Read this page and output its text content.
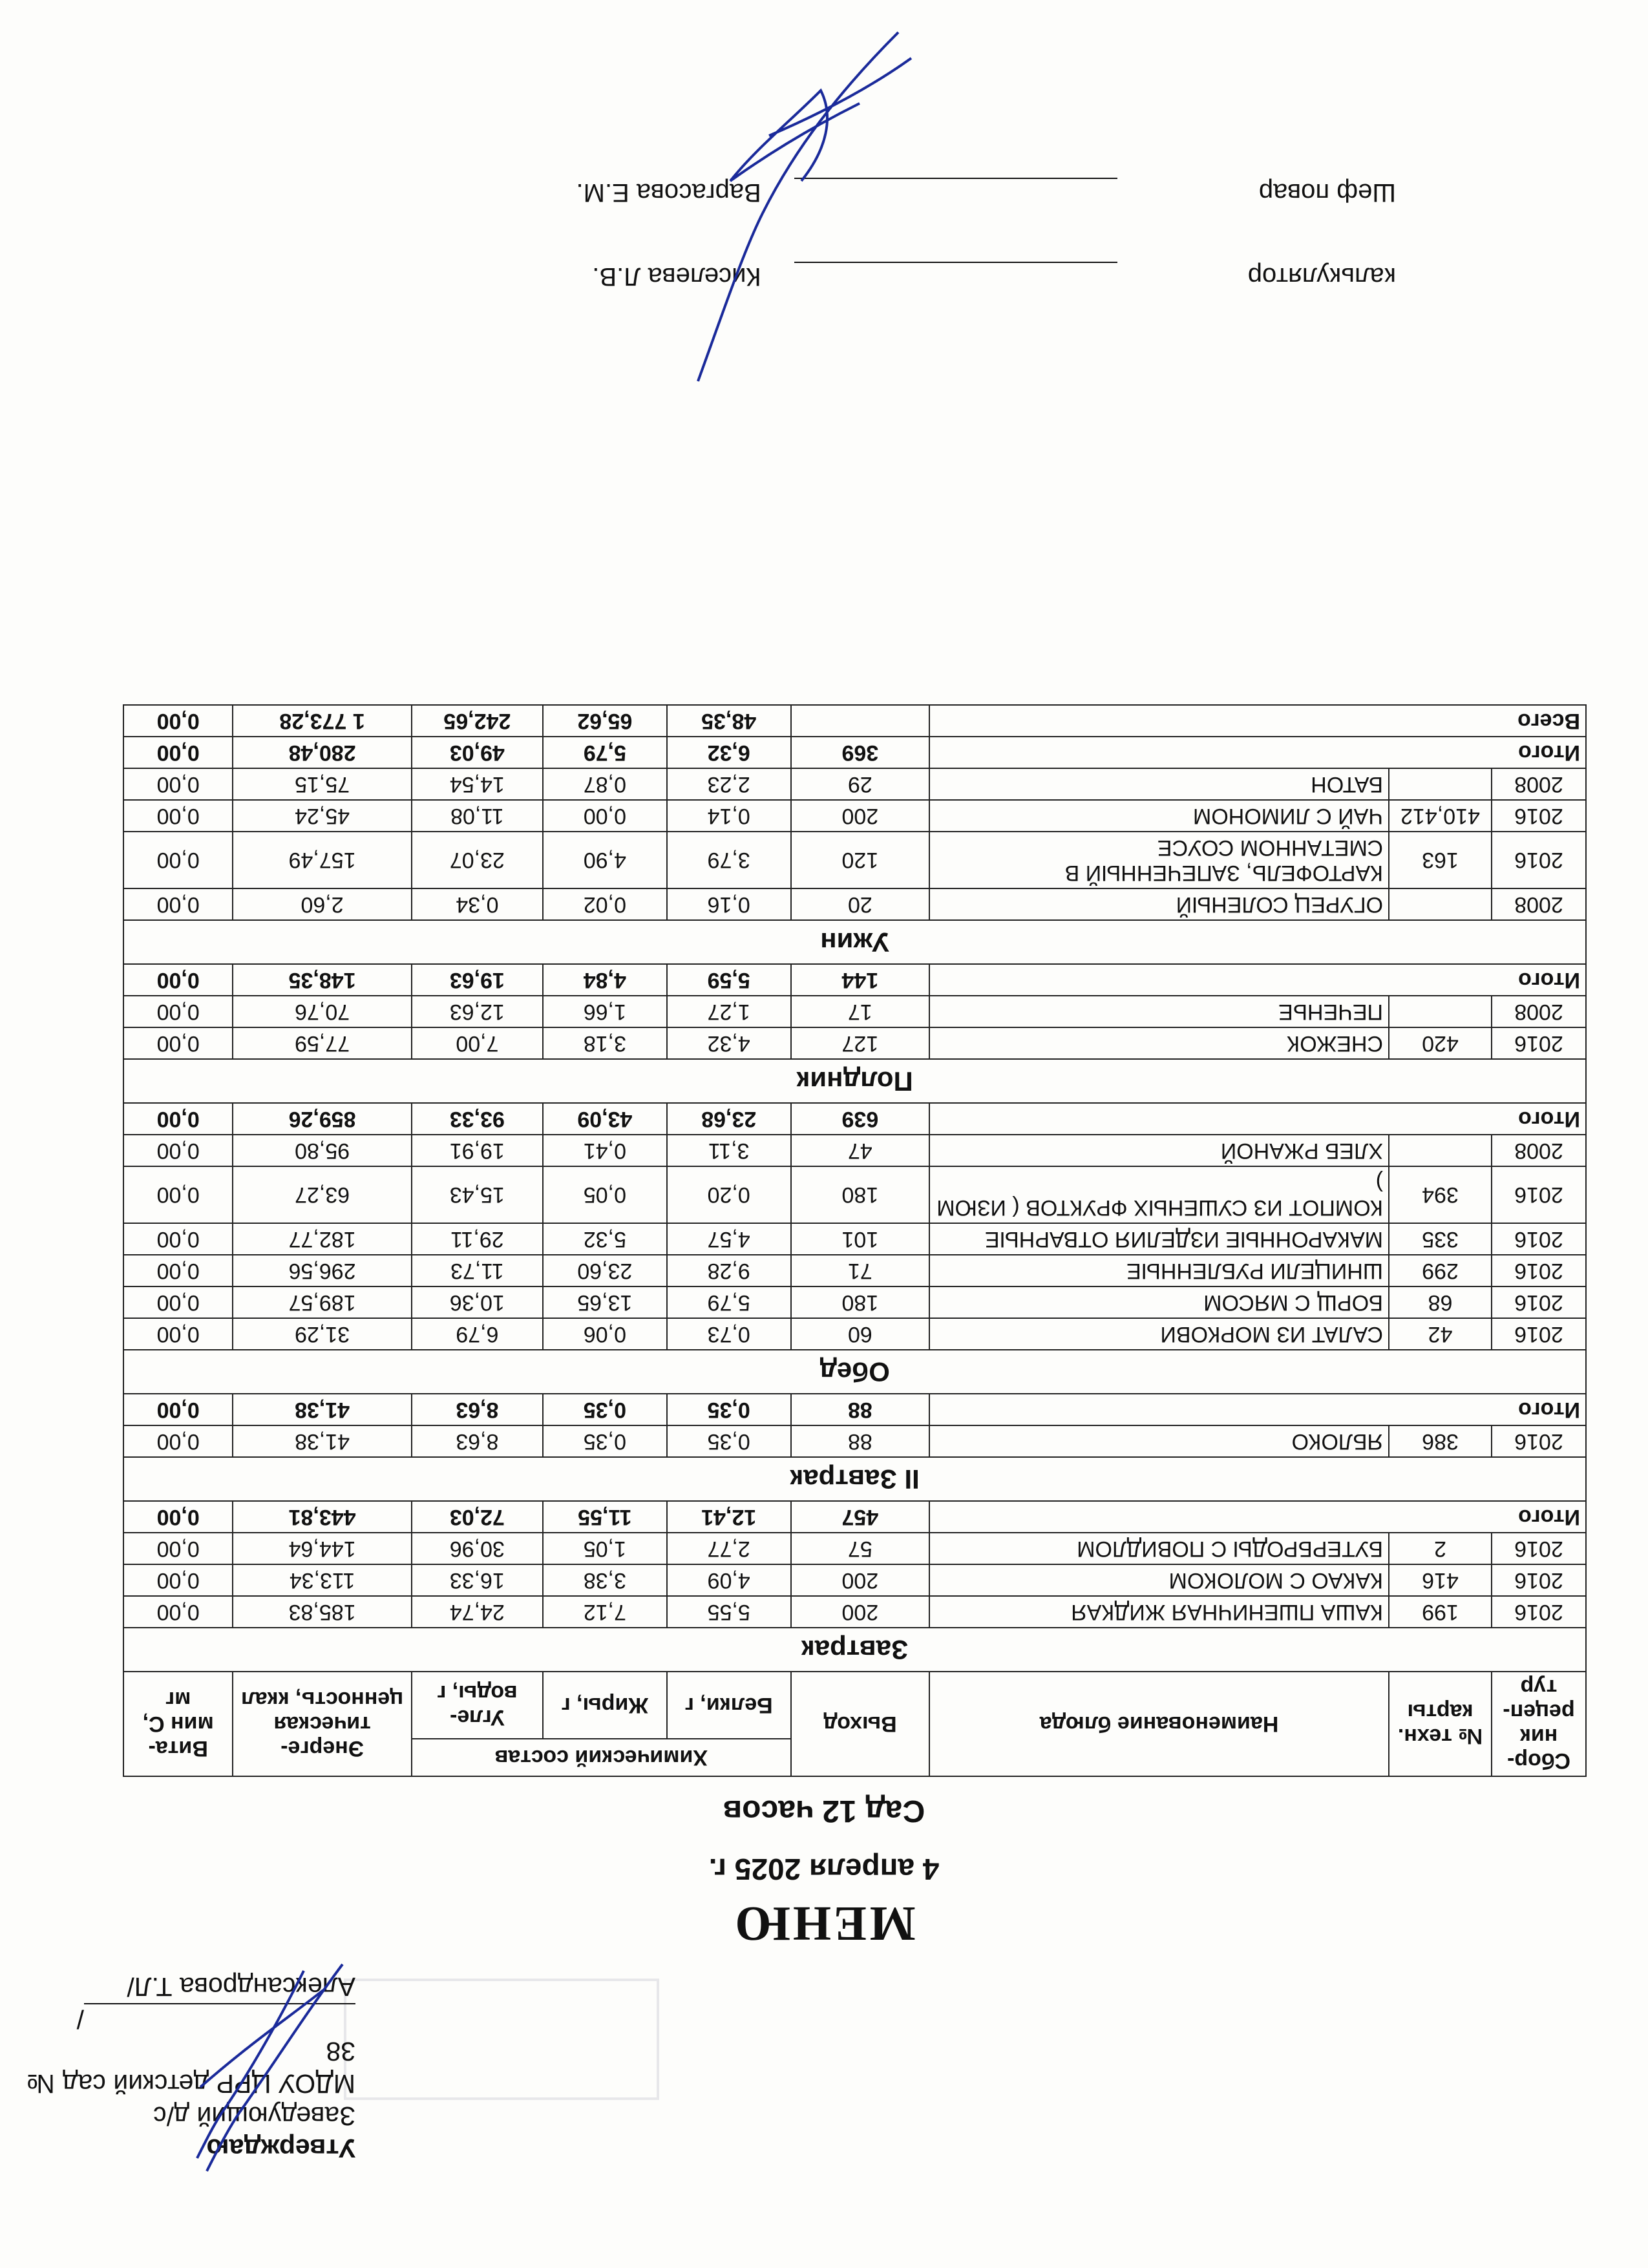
Утверждаю
Заведующий д/с
МДОУ ЦРР детский сад № 38
/Александрова Т.Л/
МЕНЮ
4 апреля 2025 г.
Сад 12 часов
Сбор-ник рецеп-тур	№ техн. карты	Наименование блюда	Выход	Химический состав			Энерге-тическая ценность, ккал	Вита-мин С, мг
				Белки, г	Жиры, г	Угле-воды, г		
Завтрак								
2016	199	КАША ПШЕНИЧНАЯ ЖИДКАЯ	200	5,55	7,12	24,74	185,83	0,00
2016	416	КАКАО С МОЛОКОМ	200	4,09	3,38	16,33	113,34	0,00
2016	2	БУТЕРБРОДЫ С ПОВИДЛОМ	57	2,77	1,05	30,96	144,64	0,00
Итого			457	12,41	11,55	72,03	443,81	0,00
II Завтрак								
2016	386	ЯБЛОКО	88	0,35	0,35	8,63	41,38	0,00
Итого			88	0,35	0,35	8,63	41,38	0,00
Обед								
2016	42	САЛАТ ИЗ МОРКОВИ	60	0,73	0,06	6,79	31,29	0,00
2016	68	БОРЩ С МЯСОМ	180	5,79	13,65	10,36	189,57	0,00
2016	299	ШНИЦЕЛИ РУБЛЕННЫЕ	71	9,28	23,60	11,73	296,56	0,00
2016	335	МАКАРОННЫЕ ИЗДЕЛИЯ ОТВАРНЫЕ	101	4,57	5,32	29,11	182,77	0,00
2016	394	КОМПОТ ИЗ СУШЕНЫХ ФРУКТОВ ( ИЗЮМ )	180	0,20	0,05	15,43	63,27	0,00
2008		ХЛЕБ РЖАНОЙ	47	3,11	0,41	19,91	95,80	0,00
Итого			639	23,68	43,09	93,33	859,26	0,00
Полдник								
2016	420	СНЕЖОК	127	4,32	3,18	7,00	77,59	0,00
2008		ПЕЧЕНЬЕ	17	1,27	1,66	12,63	70,76	0,00
Итого			144	5,59	4,84	19,63	148,35	0,00
Ужин								
2008		ОГУРЕЦ СОЛЕНЫЙ	20	0,16	0,02	0,34	2,60	0,00
2016	163	КАРТОФЕЛЬ, ЗАПЕЧЕННЫЙ В СМЕТАННОМ СОУСЕ	120	3,79	4,90	23,07	157,49	0,00
2016	410,412	ЧАЙ С ЛИМОНОМ	200	0,14	0,00	11,08	45,24	0,00
2008		БАТОН	29	2,23	0,87	14,54	75,15	0,00
Итого			369	6,32	5,79	49,03	280,48	0,00
Всего				48,35	65,62	242,65	1 773,28	0,00
калькулятор  Киселева Л.В.
Шеф повар  Варгасова Е.М.
